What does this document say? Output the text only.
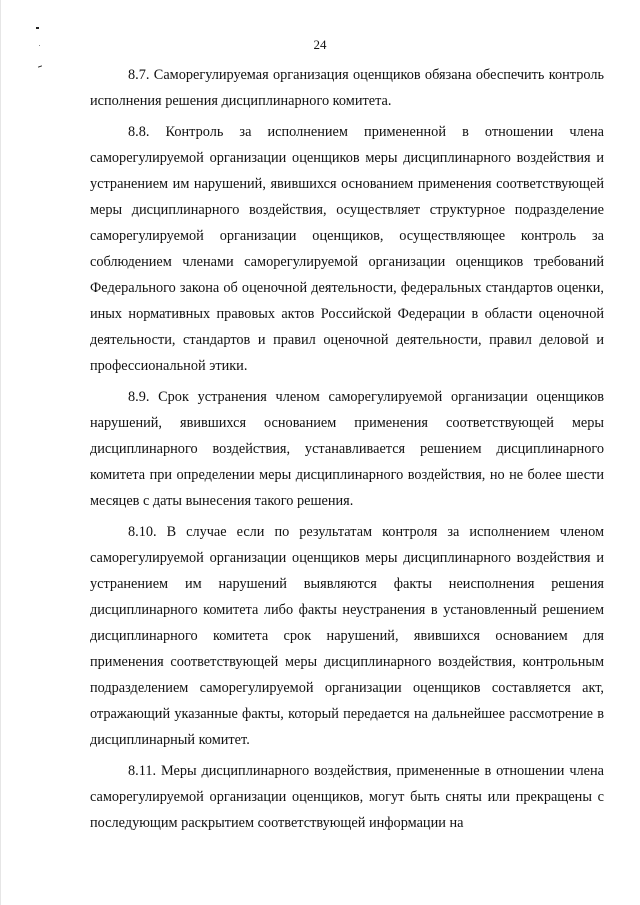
24

8.7. Саморегулируемая организация оценщиков обязана обеспечить контроль исполнения решения дисциплинарного комитета.

8.8. Контроль за исполнением примененной в отношении члена саморегулируемой организации оценщиков меры дисциплинарного воздействия и устранением им нарушений, явившихся основанием применения соответствующей меры дисциплинарного воздействия, осуществляет структурное подразделение саморегулируемой организации оценщиков, осуществляющее контроль за соблюдением членами саморегулируемой организации оценщиков требований Федерального закона об оценочной деятельности, федеральных стандартов оценки, иных нормативных правовых актов Российской Федерации в области оценочной деятельности, стандартов и правил оценочной деятельности, правил деловой и профессиональной этики.

8.9. Срок устранения членом саморегулируемой организации оценщиков нарушений, явившихся основанием применения соответствующей меры дисциплинарного воздействия, устанавливается решением дисциплинарного комитета при определении меры дисциплинарного воздействия, но не более шести месяцев с даты вынесения такого решения.

8.10. В случае если по результатам контроля за исполнением членом саморегулируемой организации оценщиков меры дисциплинарного воздействия и устранением им нарушений выявляются факты неисполнения решения дисциплинарного комитета либо факты неустранения в установленный решением дисциплинарного комитета срок нарушений, явившихся основанием для применения соответствующей меры дисциплинарного воздействия, контрольным подразделением саморегулируемой организации оценщиков составляется акт, отражающий указанные факты, который передается на дальнейшее рассмотрение в дисциплинарный комитет.

8.11. Меры дисциплинарного воздействия, примененные в отношении члена саморегулируемой организации оценщиков, могут быть сняты или прекращены с последующим раскрытием соответствующей информации на
